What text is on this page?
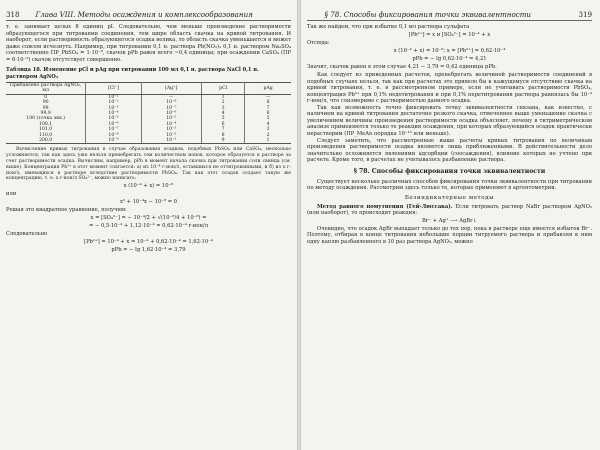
318	Глава VIII. Методы осаждения и комплексообразования

т. е. занимает целых 8 единиц pI. Следовательно, чем меньше произведение растворимости образующегося при титровании соединения, тем шире область скачка на кривой титрования. И наоборот, если растворимость образующегося осадка велика, то область скачка уменьшается и может даже совсем исчезнуть. Например, при титровании 0,1 н. раствора Pb(NO₃)₂ 0,1 н. раствором Na₂SO₄ соответственно ПР_PbSO₄ = 1·10⁻⁸, скачок pPb равен всего ~0,4 единицы; при осаждении CaSO₄ (ПР = 6·10⁻⁵) скачок отсутствует совершенно.

Таблица 18. Изменение pCl и pAg при титровании 100 мл 0,1 н. раствора NaCl 0,1 н. раствором AgNO₃
Прибавлено раствора AgNO₃, мл	[Cl⁻]	[Ag⁺]	pCl	pAg
0	10⁻¹	—	1	—
90	10⁻²	10⁻⁸	2	8
99	10⁻³	10⁻⁷	3	7
99,9	10⁻⁴	10⁻⁶	4	6
100 (точка экв.)	10⁻⁵	10⁻⁵	5	5
100,1	10⁻⁶	10⁻⁴	6	4
101,0	10⁻⁷	10⁻³	7	3
110,0	10⁻⁸	10⁻²	8	2
200,0	10⁻⁹	10⁻¹	9	1

Вычисление кривых титрования в случае образования осадков, подобных PbSO₄ или CaSO₄, несколько усложняется, так как здесь уже нельзя пренебрегать тем количеством ионов, которое образуется в растворе за счет растворимости осадка. Вычислим, например, pPb в момент начала скачка при титровании соли свинца (см. выше). Концентрация Pb²⁺ в этот момент слагается: а) из 10⁻⁴ г-ион/л, оставшихся не оттитрованными, и б) из x г-ион/л, имеющихся в растворе вследствие растворимости PbSO₄. Так как этот осадок создает такую же концентрацию, т. е. x г-ион/л SO₄²⁻, можно написать:

x (10⁻⁴ + x) = 10⁻⁸
или
x² + 10⁻⁴x − 10⁻⁸ = 0
Решая это квадратное уравнение, получим:
x = [SO₄²⁻] = − 10⁻⁴/2 + √(10⁻⁸/4 + 10⁻⁸) =
= − 0,5·10⁻⁴ + 1,12·10⁻⁴ = 0,62·10⁻⁴ г-ион/л
Следовательно
[Pb²⁺] = 10⁻⁴ + x = 10⁻⁴ + 0,62·10⁻⁴ = 1,62·10⁻⁴
pPb = − lg 1,62·10⁻⁴ = 3,79
§ 78. Способы фиксирования точки эквивалентности	319

Так же найдем, что при избытке 0,1 мл раствора сульфата

[Pb²⁺] = x и [SO₄²⁻] = 10⁻⁴ + x
Отсюда:
x (10⁻⁴ + x) = 10⁻⁸; x = [Pb²⁺] = 0,62·10⁻⁴
pPb = − lg 0,62·10⁻⁴ = 4,21

Значит, скачок равен в этом случае 4,21 − 3,79 = 0,42 единицы pPb.

Как следует из приведенных расчетов, пренебрегать величиной растворимости соединений в подобных случаях нельзя, так как при расчетах это привело бы к кажущемуся отсутствию скачка на кривой титрования, т. е. в рассмотренном примере, если не учитывать растворимости PbSO₄, концентрация Pb²⁺ при 0,1% недотитрования и при 0,1% перетитрования раствора равнялась бы 10⁻⁴ г-ион/л, что соизмеримо с растворимостью данного осадка.

Так как возможность точно фиксировать точку эквивалентности связана, как известно, с наличием на кривой титрования достаточно резкого скачка, отмеченное выше уменьшение скачка с увеличением величины произведения растворимости осадка объясняет, почему в титриметрическом анализе применяются только те реакции осаждения, при которых образующийся осадок практически нерастворим (ПР_MeAn порядка 10⁻¹⁰ или меньше).

Следует заметить, что рассмотренные выше расчеты кривых титрования по величинам произведения растворимости осадка являются лишь приближенными. В действительности дело значительно осложняется явлениями адсорбции (соосаждения), влияние которых не учтено при расчете. Кроме того, в расчетах не учитывалось разбавление раствора.

§ 78. Способы фиксирования точки эквивалентности

Существует несколько различных способов фиксирования точки эквивалентности при титровании по методу осаждения. Рассмотрим здесь только те, которые применяют в аргентометрии.

Безиндикаторные методы

Метод равного помутнения (Гей-Люссака). Если титровать раствор NaBr раствором AgNO₃ (или наоборот), то происходит реакция:

Br⁻ + Ag⁺ ⟶ AgBr↓

Очевидно, что осадок AgBr выпадает только до тех пор, пока в растворе еще имеется избыток Br⁻. Поэтому, отбирая в конце титрования небольшие порции титруемого раствора и прибавляя к ним одну каплю разбавленного в 10 раз раствора AgNO₃, можно
